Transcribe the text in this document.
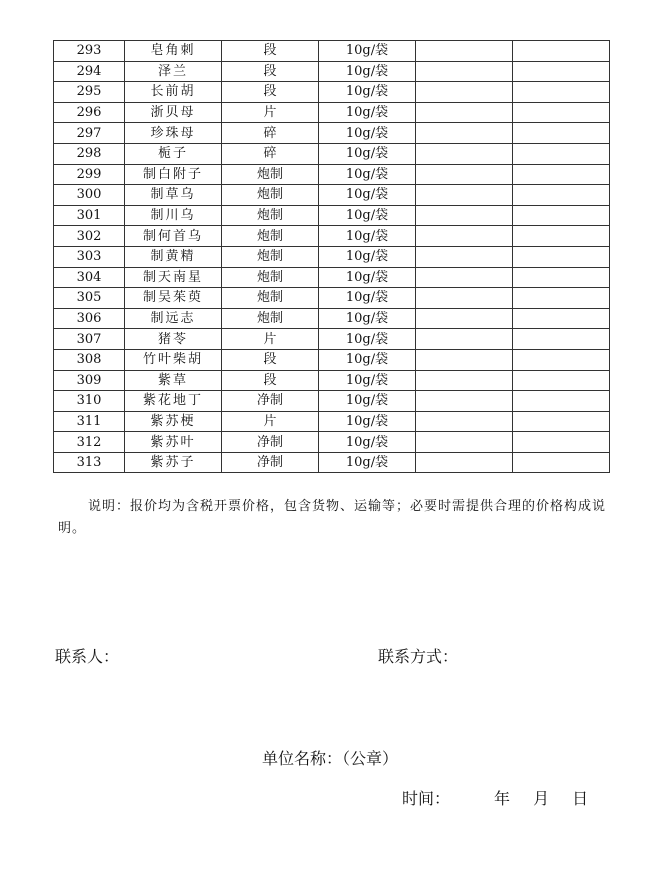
293	皂角刺	段	10g/袋		
294	泽兰	段	10g/袋		
295	长前胡	段	10g/袋		
296	浙贝母	片	10g/袋		
297	珍珠母	碎	10g/袋		
298	栀子	碎	10g/袋		
299	制白附子	炮制	10g/袋		
300	制草乌	炮制	10g/袋		
301	制川乌	炮制	10g/袋		
302	制何首乌	炮制	10g/袋		
303	制黄精	炮制	10g/袋		
304	制天南星	炮制	10g/袋		
305	制吴茱萸	炮制	10g/袋		
306	制远志	炮制	10g/袋		
307	猪苓	片	10g/袋		
308	竹叶柴胡	段	10g/袋		
309	紫草	段	10g/袋		
310	紫花地丁	净制	10g/袋		
311	紫苏梗	片	10g/袋		
312	紫苏叶	净制	10g/袋		
313	紫苏子	净制	10g/袋		
说明：报价均为含税开票价格，包含货物、运输等；必要时需提供合理的价格构成说明。
联系人：	联系方式：
单位名称：（公章）
时间：	年 月 日
